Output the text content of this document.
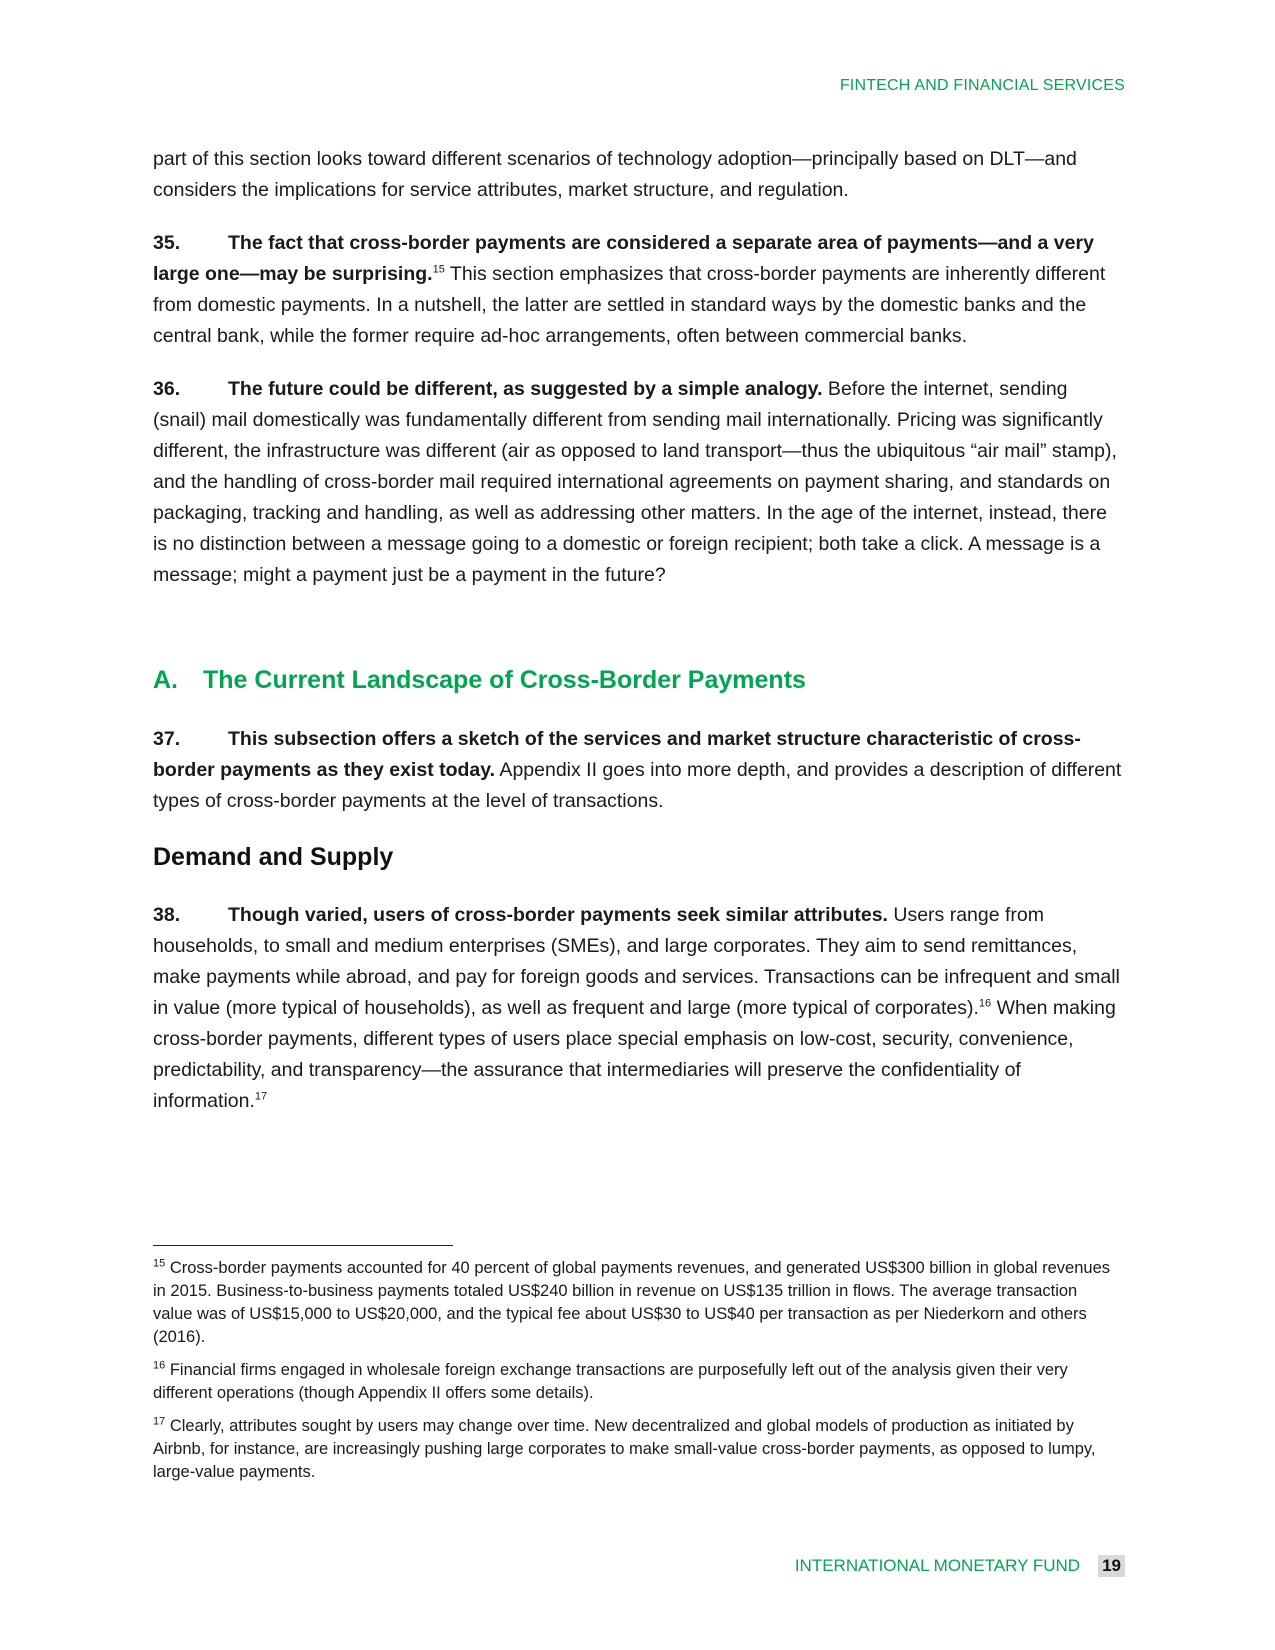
FINTECH AND FINANCIAL SERVICES

part of this section looks toward different scenarios of technology adoption—principally based on DLT—and considers the implications for service attributes, market structure, and regulation.

35. The fact that cross-border payments are considered a separate area of payments—and a very large one—may be surprising.$^{15}$ This section emphasizes that cross-border payments are inherently different from domestic payments. In a nutshell, the latter are settled in standard ways by the domestic banks and the central bank, while the former require ad-hoc arrangements, often between commercial banks.

36. The future could be different, as suggested by a simple analogy. Before the internet, sending (snail) mail domestically was fundamentally different from sending mail internationally. Pricing was significantly different, the infrastructure was different (air as opposed to land transport—thus the ubiquitous “air mail” stamp), and the handling of cross-border mail required international agreements on payment sharing, and standards on packaging, tracking and handling, as well as addressing other matters. In the age of the internet, instead, there is no distinction between a message going to a domestic or foreign recipient; both take a click. A message is a message; might a payment just be a payment in the future?

A. The Current Landscape of Cross-Border Payments

37. This subsection offers a sketch of the services and market structure characteristic of cross-border payments as they exist today. Appendix II goes into more depth, and provides a description of different types of cross-border payments at the level of transactions.

Demand and Supply

38. Though varied, users of cross-border payments seek similar attributes. Users range from households, to small and medium enterprises (SMEs), and large corporates. They aim to send remittances, make payments while abroad, and pay for foreign goods and services. Transactions can be infrequent and small in value (more typical of households), as well as frequent and large (more typical of corporates).$^{16}$ When making cross-border payments, different types of users place special emphasis on low-cost, security, convenience, predictability, and transparency—the assurance that intermediaries will preserve the confidentiality of information.$^{17}$

$^{15}$ Cross-border payments accounted for 40 percent of global payments revenues, and generated US$300 billion in global revenues in 2015. Business-to-business payments totaled US$240 billion in revenue on US$135 trillion in flows. The average transaction value was of US$15,000 to US$20,000, and the typical fee about US$30 to US$40 per transaction as per Niederkorn and others (2016).

$^{16}$ Financial firms engaged in wholesale foreign exchange transactions are purposefully left out of the analysis given their very different operations (though Appendix II offers some details).

$^{17}$ Clearly, attributes sought by users may change over time. New decentralized and global models of production as initiated by Airbnb, for instance, are increasingly pushing large corporates to make small-value cross-border payments, as opposed to lumpy, large-value payments.

INTERNATIONAL MONETARY FUND 19
